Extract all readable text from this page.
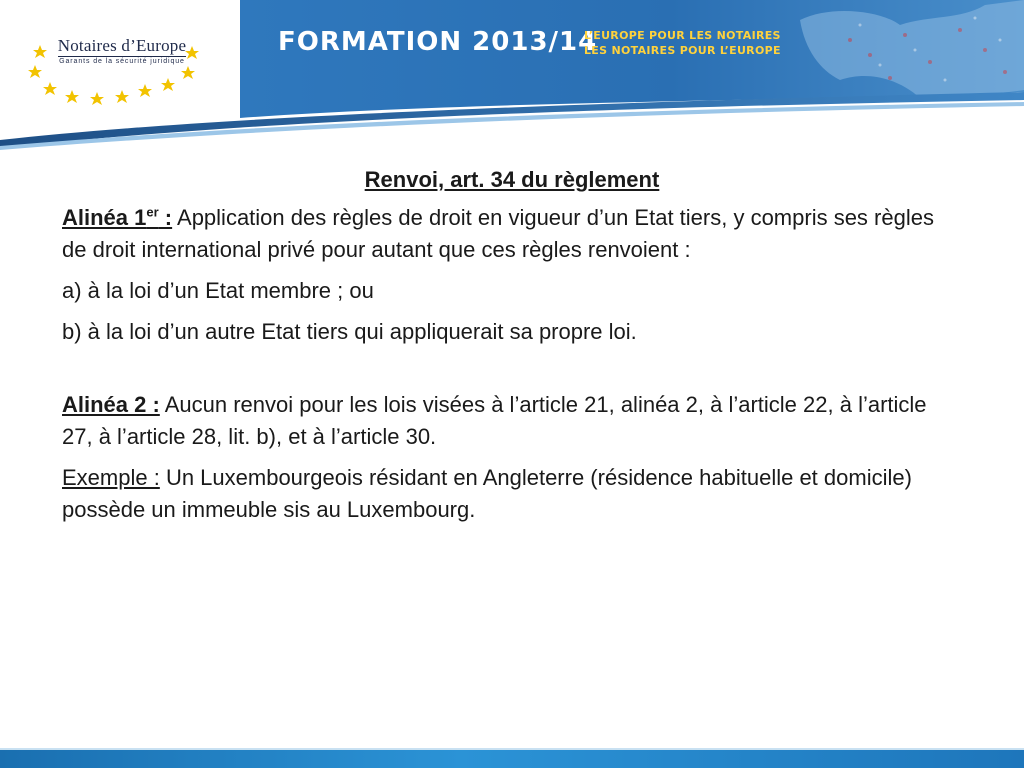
Notaires d’Europe
Garants de la sécurité juridique
FORMATION 2013/14
L’EUROPE POUR LES NOTAIRES
LES NOTAIRES POUR L’EUROPE
Renvoi, art. 34 du règlement

Alinéa 1er : Application des règles de droit en vigueur d’un Etat tiers, y compris ses règles de droit international privé pour autant que ces règles renvoient :

a) à la loi d’un Etat membre ; ou

b) à la loi d’un autre Etat tiers qui appliquerait sa propre loi.

Alinéa 2 : Aucun renvoi pour les lois visées à l’article 21, alinéa 2, à l’article 22, à l’article 27, à l’article 28, lit. b), et à l’article 30.

Exemple : Un Luxembourgeois résidant en Angleterre (résidence habituelle et domicile) possède un immeuble sis au Luxembourg.
